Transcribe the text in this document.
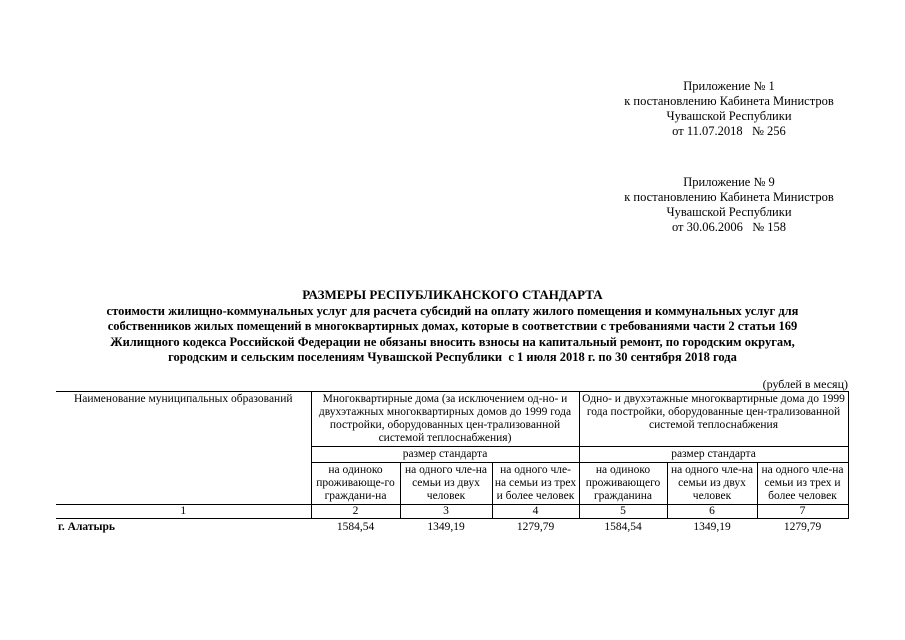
Приложение № 1
к постановлению Кабинета Министров
Чувашской Республики
от 11.07.2018   № 256
Приложение № 9
к постановлению Кабинета Министров
Чувашской Республики
от 30.06.2006   № 158
РАЗМЕРЫ РЕСПУБЛИКАНСКОГО СТАНДАРТА
стоимости жилищно-коммунальных услуг для расчета субсидий на оплату жилого помещения и коммунальных услуг для
собственников жилых помещений в многоквартирных домах, которые в соответствии с требованиями части 2 статьи 169
Жилищного кодекса Российской Федерации не обязаны вносить взносы на капитальный ремонт, по городским округам,
городским и сельским поселениям Чувашской Республики  с 1 июля 2018 г. по 30 сентября 2018 года
(рублей в месяц)
Наименование муниципальных образований	Многоквартирные дома (за исключением од-но- и двухэтажных многоквартирных домов до 1999 года постройки, оборудованных цен-трализованной системой теплоснабжения)			Одно- и двухэтажные многоквартирные дома до 1999 года постройки, оборудованные цен-трализованной системой теплоснабжения		
	размер стандарта			размер стандарта		
	на одиноко проживающе-го граждани-на	на одного чле-на семьи из двух человек	на одного чле-на семьи из трех и более человек	на одиноко проживающего гражданина	на одного чле-на семьи из двух человек	на одного чле-на семьи из трех и более человек
1	2	3	4	5	6	7
г. Алатырь	1584,54	1349,19	1279,79	1584,54	1349,19	1279,79
